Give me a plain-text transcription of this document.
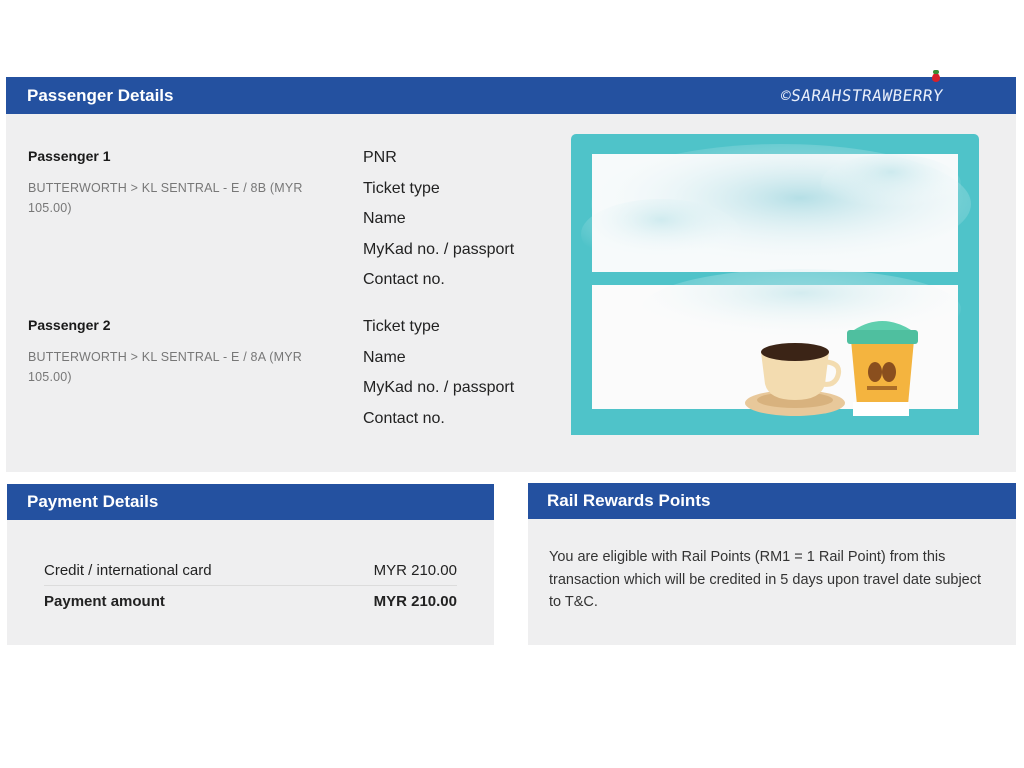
Passenger Details	©SARAHSTRAWBERRY
Passenger 1
BUTTERWORTH > KL SENTRAL - E / 8B (MYR 105.00)
PNR
Ticket type
Name
MyKad no. / passport
Contact no.
Passenger 2
BUTTERWORTH > KL SENTRAL - E / 8A (MYR 105.00)
Ticket type
Name
MyKad no. / passport
Contact no.
Payment Details
Credit / international card	MYR 210.00
Payment amount	MYR 210.00
Rail Rewards Points
You are eligible with Rail Points (RM1 = 1 Rail Point) from this transaction which will be credited in 5 days upon travel date subject to T&C.
